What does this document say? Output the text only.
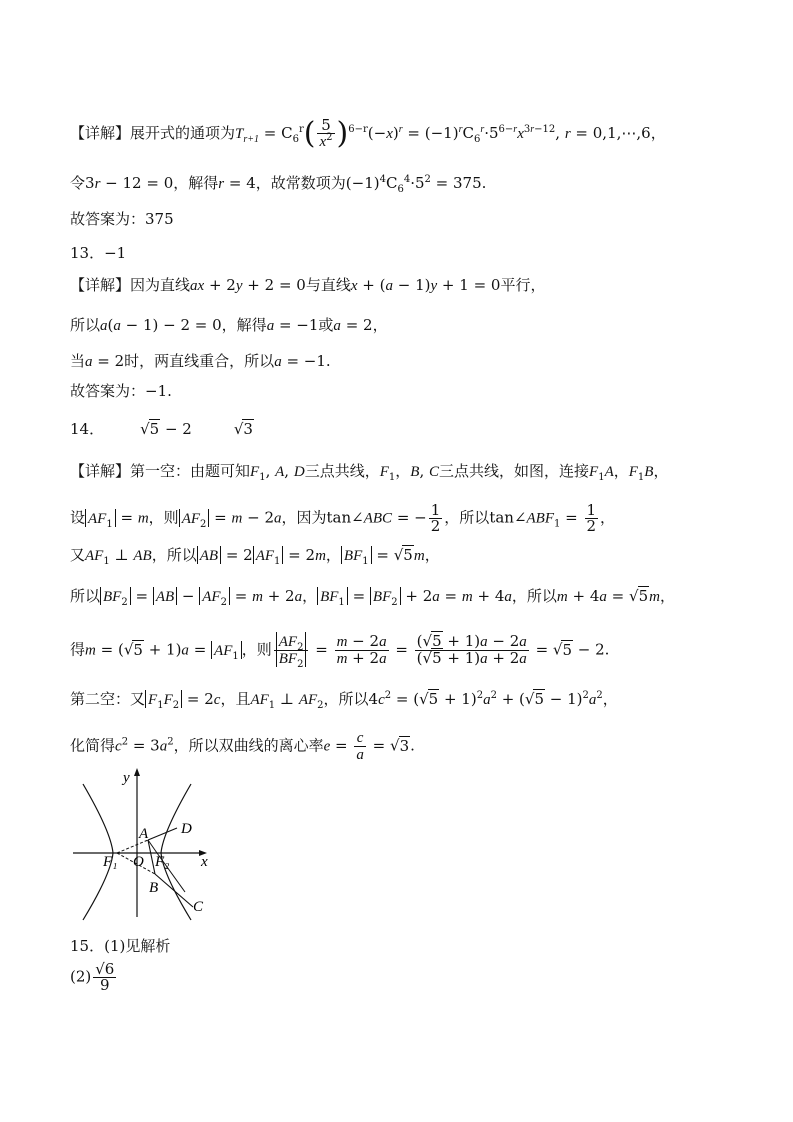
【详解】展开式的通项为$T_{r+1} = C_6^r( \frac{5}{x^2} )^{6-r}(-x)^r = (-1)^rC_6^r\cdot 5^{6-r}x^{3r-12}$, r = 0,1,⋯,6，
令3r − 12 = 0，解得r = 4，故常数项为$(-1)^4C_6^4\cdot 5^2 = 375$.
故答案为：375
13．−1
【详解】因为直线ax + 2y + 2 = 0与直线x + (a − 1)y + 1 = 0平行，
所以a(a − 1) − 2 = 0，解得a = −1或a = 2，
当a = 2时，两直线重合，所以a = −1.
故答案为：−1.
14． √5 − 2	√3
【详解】第一空：由题可知$F_1$, A, D三点共线，$F_1$，B, C三点共线，如图，连接$F_1A$，$F_1B$，
设 $AF_1 = m$，则 $AF_2 = m - 2a$，因为tan∠ABC = − $\frac{1}{2}$ ，所以$\tan\angle ABF_1 = \frac{1}{2}$ ，
又$AF_1$ ⊥ AB，所以 AB = 2 $AF_1 = 2m$， $BF_1 = √5m$，
所以 $BF_2$ = AB − $AF_2 = m + 2a$， $BF_1 = BF_2 + 2a = m + 4a$，所以m + 4a = √5m，
得$m = (√5 + 1)a = AF_1$ ，则 $\frac{AF_2}{BF_2} = \frac{m - 2a}{m + 2a} = \frac{(√5 + 1)a - 2a}{(√5 + 1)a + 2a} = √5 - 2$.
第二空：又 $F_1F_2 = 2c$，且$AF_1$ ⊥ $AF_2$，所以$4c^2 = (√5 + 1)^2a^2 + (√5 - 1)^2a^2$，
化简得$c^2 = 3a^2$，所以双曲线的离心率$e = \frac{c}{a} = √3$.
y
x
A D
F₁ O F₂
B
C
15．(1)见解析
$(2) \frac{√6}{9}$
